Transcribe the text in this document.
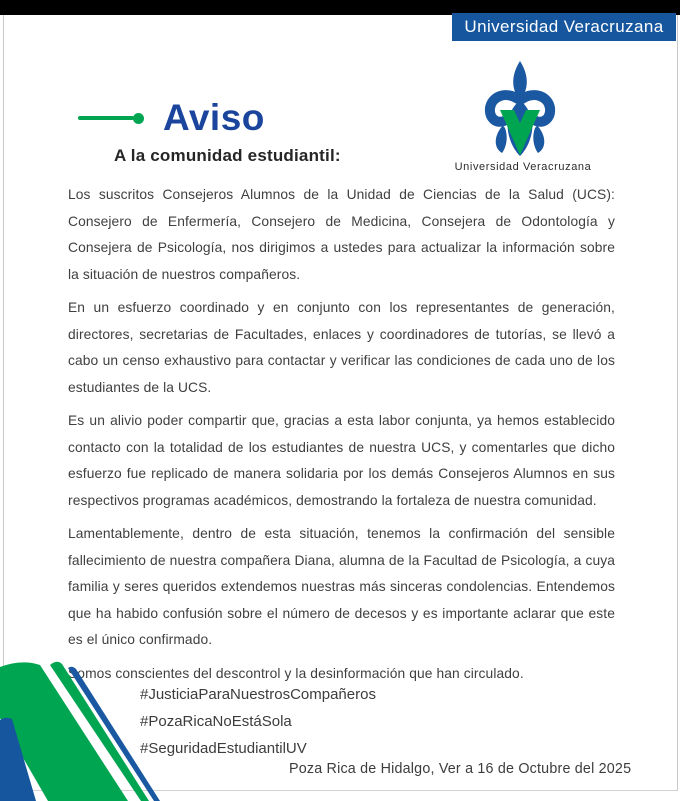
Universidad Veracruzana
Aviso
Universidad Veracruzana
A la comunidad estudiantil:

Los suscritos Consejeros Alumnos de la Unidad de Ciencias de la Salud (UCS): Consejero de Enfermería, Consejero de Medicina, Consejera de Odontología y Consejera de Psicología, nos dirigimos a ustedes para actualizar la información sobre la situación de nuestros compañeros.

En un esfuerzo coordinado y en conjunto con los representantes de generación, directores, secretarias de Facultades, enlaces y coordinadores de tutorías, se llevó a cabo un censo exhaustivo para contactar y verificar las condiciones de cada uno de los estudiantes de la UCS.

Es un alivio poder compartir que, gracias a esta labor conjunta, ya hemos establecido contacto con la totalidad de los estudiantes de nuestra UCS, y comentarles que dicho esfuerzo fue replicado de manera solidaria por los demás Consejeros Alumnos en sus respectivos programas académicos, demostrando la fortaleza de nuestra comunidad.

Lamentablemente, dentro de esta situación, tenemos la confirmación del sensible fallecimiento de nuestra compañera Diana, alumna de la Facultad de Psicología, a cuya familia y seres queridos extendemos nuestras más sinceras condolencias. Entendemos que ha habido confusión sobre el número de decesos y es importante aclarar que este es el único confirmado.

Somos conscientes del descontrol y la desinformación que han circulado.

#JusticiaParaNuestrosCompañeros
#PozaRicaNoEstáSola
#SeguridadEstudiantilUV
Poza Rica de Hidalgo, Ver a 16 de Octubre del 2025
